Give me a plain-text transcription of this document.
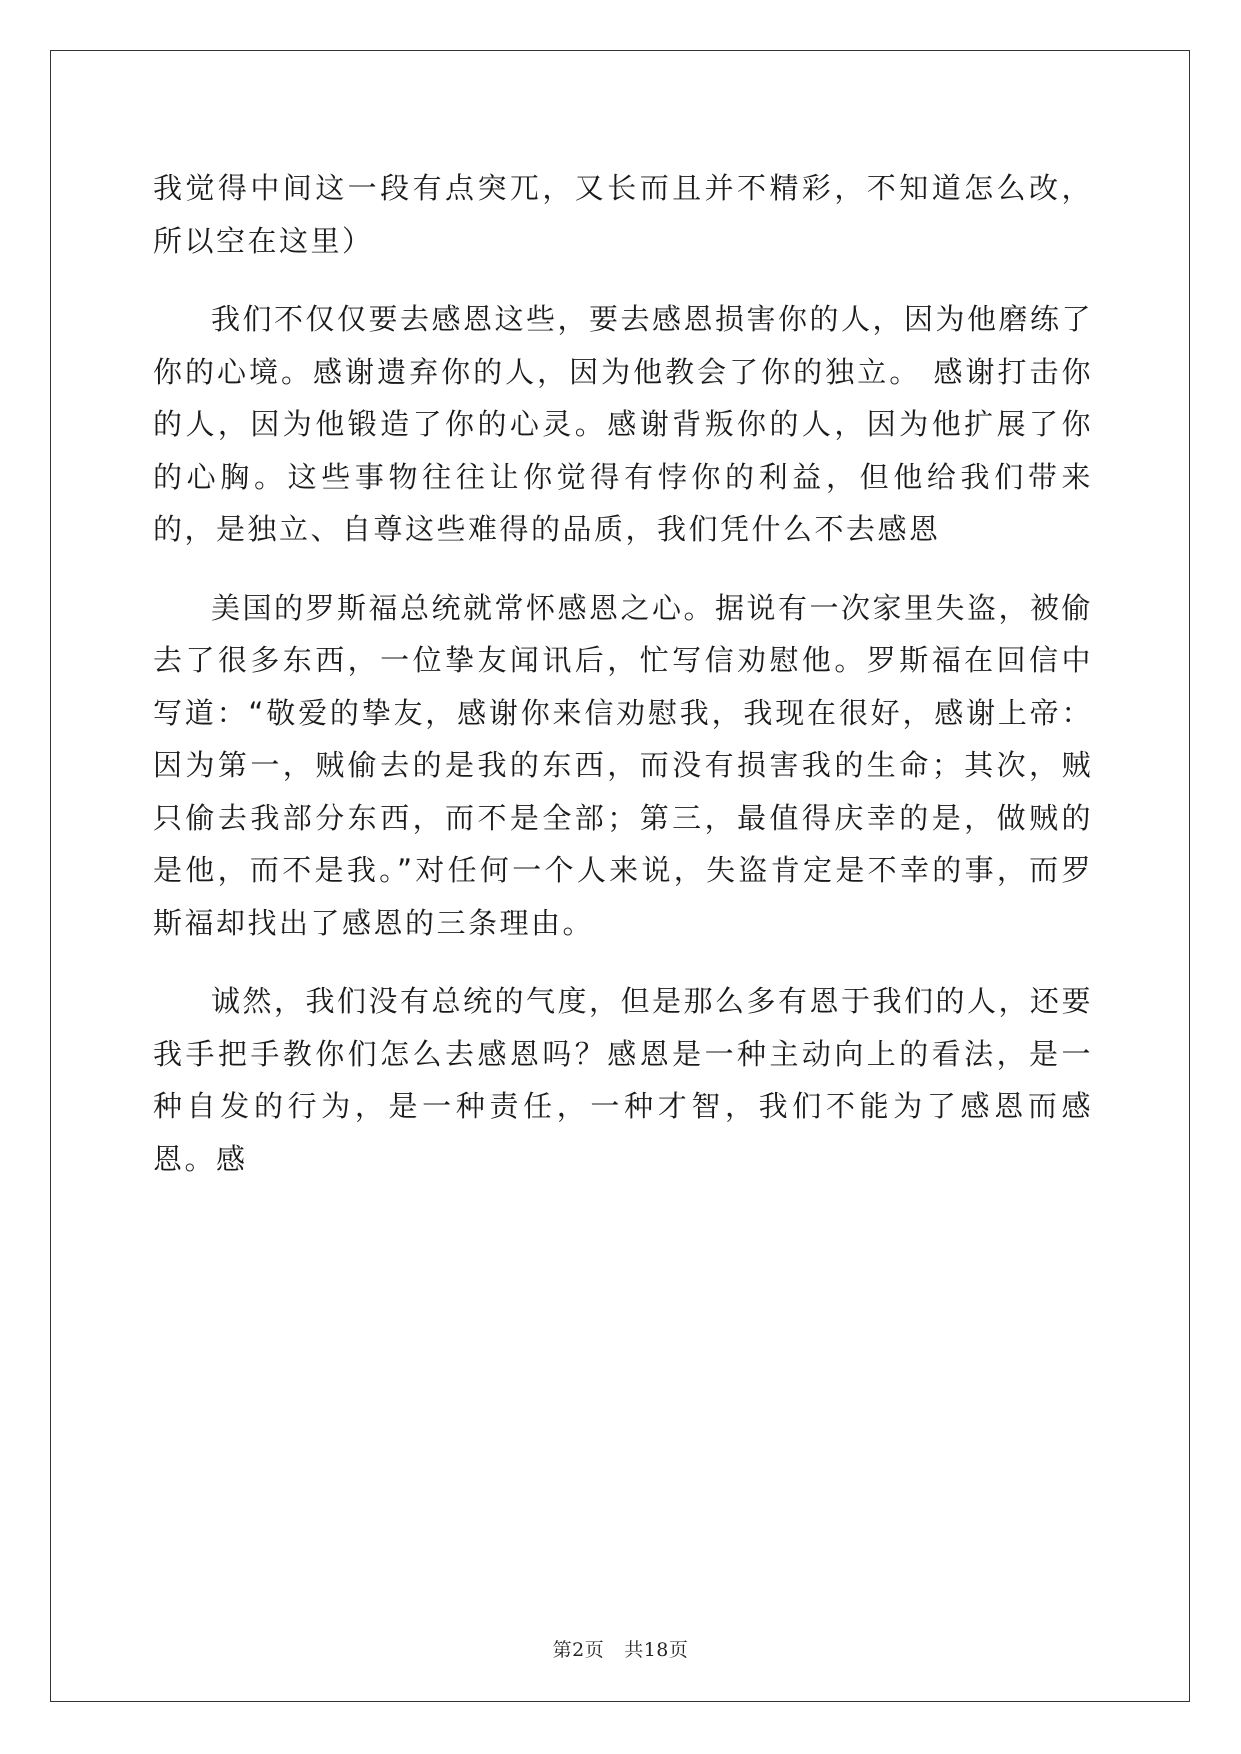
我觉得中间这一段有点突兀，又长而且并不精彩，不知道怎么改，所以空在这里）

我们不仅仅要去感恩这些，要去感恩损害你的人，因为他磨练了你的心境。感谢遗弃你的人，因为他教会了你的独立。 感谢打击你的人，因为他锻造了你的心灵。感谢背叛你的人，因为他扩展了你的心胸。这些事物往往让你觉得有悖你的利益，但他给我们带来的，是独立、自尊这些难得的品质，我们凭什么不去感恩

美国的罗斯福总统就常怀感恩之心。据说有一次家里失盗，被偷去了很多东西，一位挚友闻讯后，忙写信劝慰他。罗斯福在回信中写道：“敬爱的挚友，感谢你来信劝慰我，我现在很好，感谢上帝：因为第一，贼偷去的是我的东西，而没有损害我的生命；其次，贼只偷去我部分东西，而不是全部；第三，最值得庆幸的是，做贼的是他，而不是我。”对任何一个人来说，失盗肯定是不幸的事，而罗斯福却找出了感恩的三条理由。

诚然，我们没有总统的气度，但是那么多有恩于我们的人，还要我手把手教你们怎么去感恩吗？感恩是一种主动向上的看法，是一种自发的行为，是一种责任，一种才智，我们不能为了感恩而感恩。感

第2页 共18页
